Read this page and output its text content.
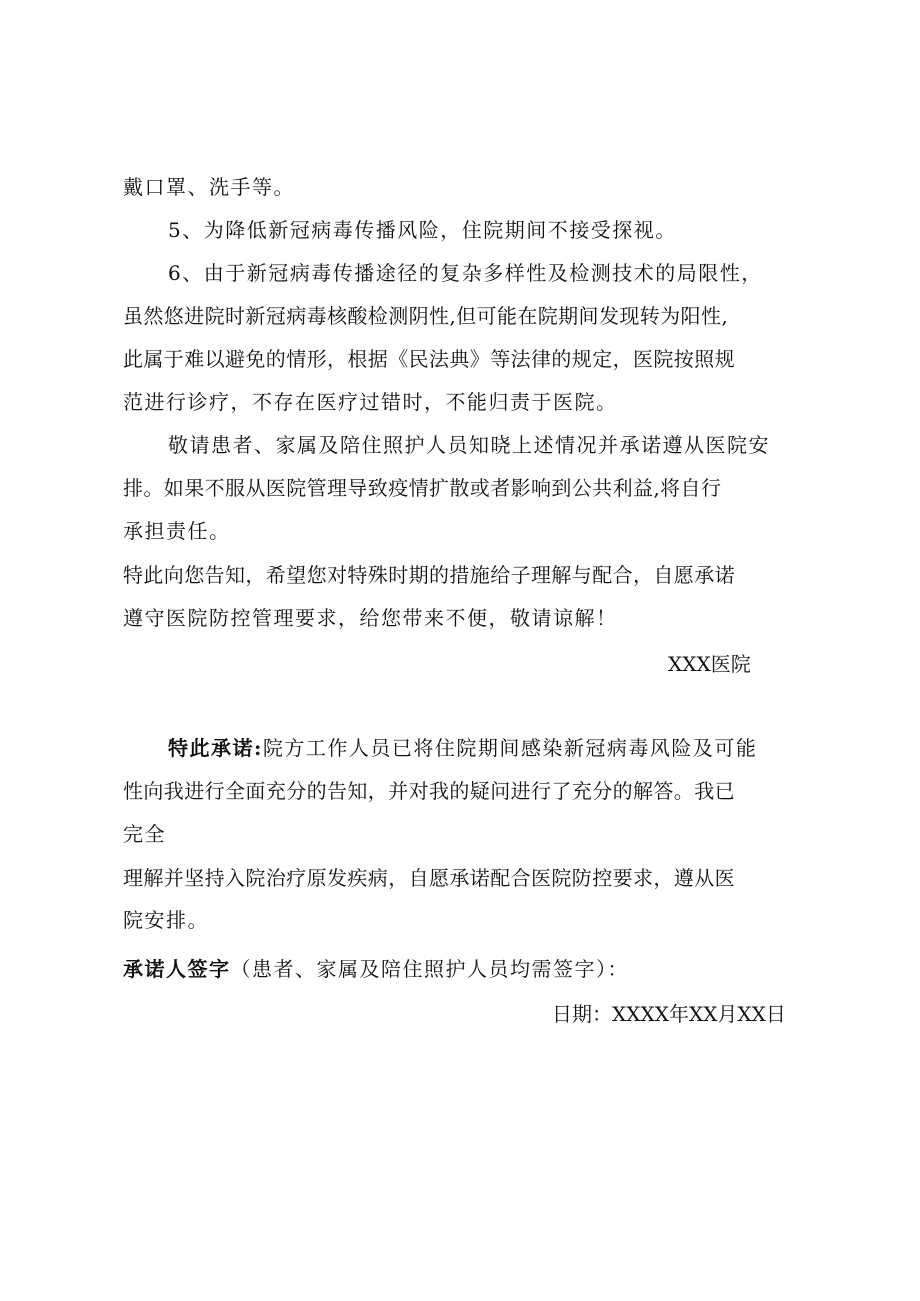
戴口罩、洗手等。
5、为降低新冠病毒传播风险，住院期间不接受探视。
6、由于新冠病毒传播途径的复杂多样性及检测技术的局限性，
虽然悠进院时新冠病毒核酸检测阴性,但可能在院期间发现转为阳性,
此属于难以避免的情形，根据《民法典》等法律的规定，医院按照规
范进行诊疗，不存在医疗过错时，不能归责于医院。
敬请患者、家属及陪住照护人员知晓上述情况并承诺遵从医院安
排。如果不服从医院管理导致疫情扩散或者影响到公共利益,将自行
承担责任。
特此向您告知，希望您对特殊时期的措施给子理解与配合，自愿承诺
遵守医院防控管理要求，给您带来不便，敬请谅解！
XXX医院
特此承诺:院方工作人员已将住院期间感染新冠病毒风险及可能
性向我进行全面充分的告知，并对我的疑问进行了充分的解答。我已
完全
理解并坚持入院治疗原发疾病，自愿承诺配合医院防控要求，遵从医
院安排。
承诺人签字（患者、家属及陪住照护人员均需签字）：
日期：XXXX年XX月XX日
